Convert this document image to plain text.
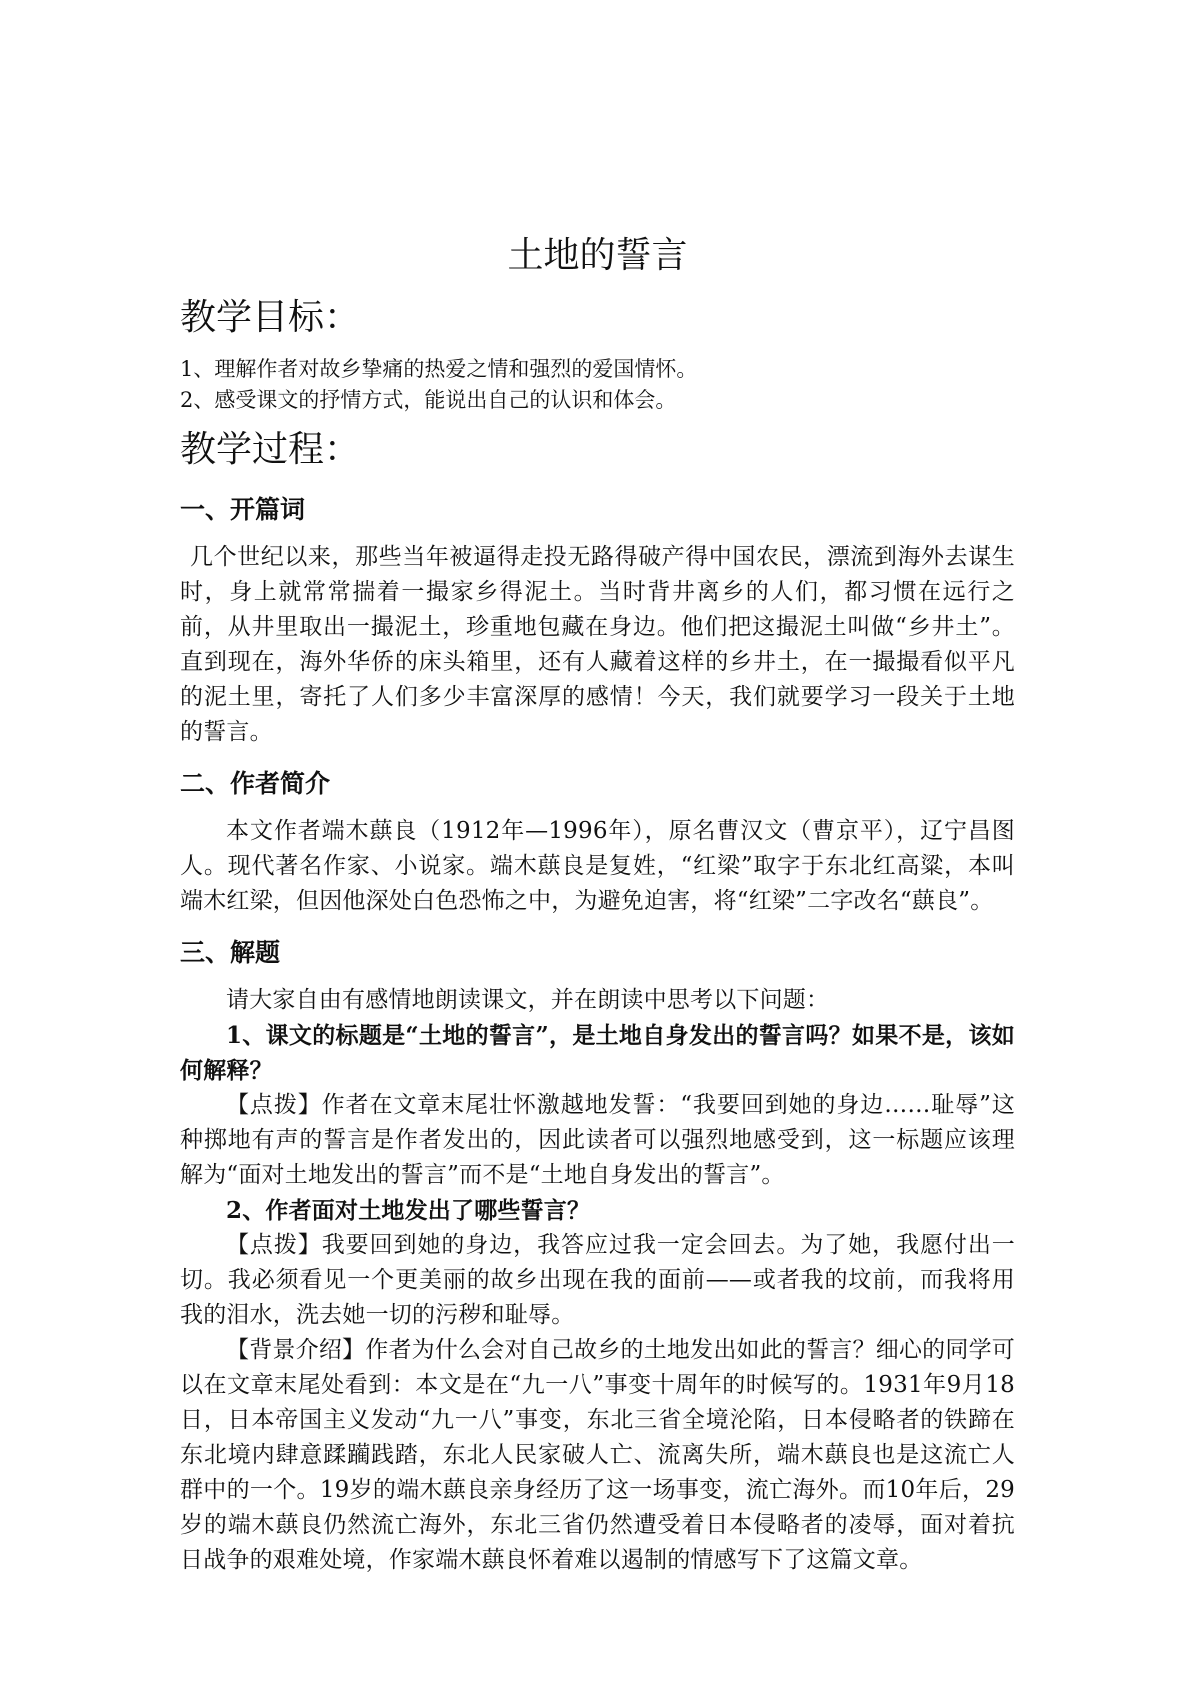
土地的誓言
教学目标：

1、理解作者对故乡挚痛的热爱之情和强烈的爱国情怀。

2、感受课文的抒情方式，能说出自己的认识和体会。

教学过程：
一、开篇词

几个世纪以来，那些当年被逼得走投无路得破产得中国农民，漂流到海外去谋生时，身上就常常揣着一撮家乡得泥土。当时背井离乡的人们，都习惯在远行之前，从井里取出一撮泥土，珍重地包藏在身边。他们把这撮泥土叫做“乡井土”。直到现在，海外华侨的床头箱里，还有人藏着这样的乡井土，在一撮撮看似平凡的泥土里，寄托了人们多少丰富深厚的感情！今天，我们就要学习一段关于土地的誓言。

二、作者简介

本文作者端木蕻良（1912年—1996年），原名曹汉文（曹京平），辽宁昌图人。现代著名作家、小说家。端木蕻良是复姓，“红梁”取字于东北红高粱，本叫端木红梁，但因他深处白色恐怖之中，为避免迫害，将“红梁”二字改名“蕻良”。

三、解题

请大家自由有感情地朗读课文，并在朗读中思考以下问题：

1、课文的标题是“土地的誓言”，是土地自身发出的誓言吗？如果不是，该如何解释？

【点拨】作者在文章末尾壮怀激越地发誓：“我要回到她的身边……耻辱”这种掷地有声的誓言是作者发出的，因此读者可以强烈地感受到，这一标题应该理解为“面对土地发出的誓言”而不是“土地自身发出的誓言”。

2、作者面对土地发出了哪些誓言？

【点拨】我要回到她的身边，我答应过我一定会回去。为了她，我愿付出一切。我必须看见一个更美丽的故乡出现在我的面前——或者我的坟前，而我将用我的泪水，洗去她一切的污秽和耻辱。

【背景介绍】作者为什么会对自己故乡的土地发出如此的誓言？细心的同学可以在文章末尾处看到：本文是在“九一八”事变十周年的时候写的。1931年9月18日，日本帝国主义发动“九一八”事变，东北三省全境沦陷，日本侵略者的铁蹄在东北境内肆意蹂躏践踏，东北人民家破人亡、流离失所，端木蕻良也是这流亡人群中的一个。19岁的端木蕻良亲身经历了这一场事变，流亡海外。而10年后，29岁的端木蕻良仍然流亡海外，东北三省仍然遭受着日本侵略者的凌辱，面对着抗日战争的艰难处境，作家端木蕻良怀着难以遏制的情感写下了这篇文章。
